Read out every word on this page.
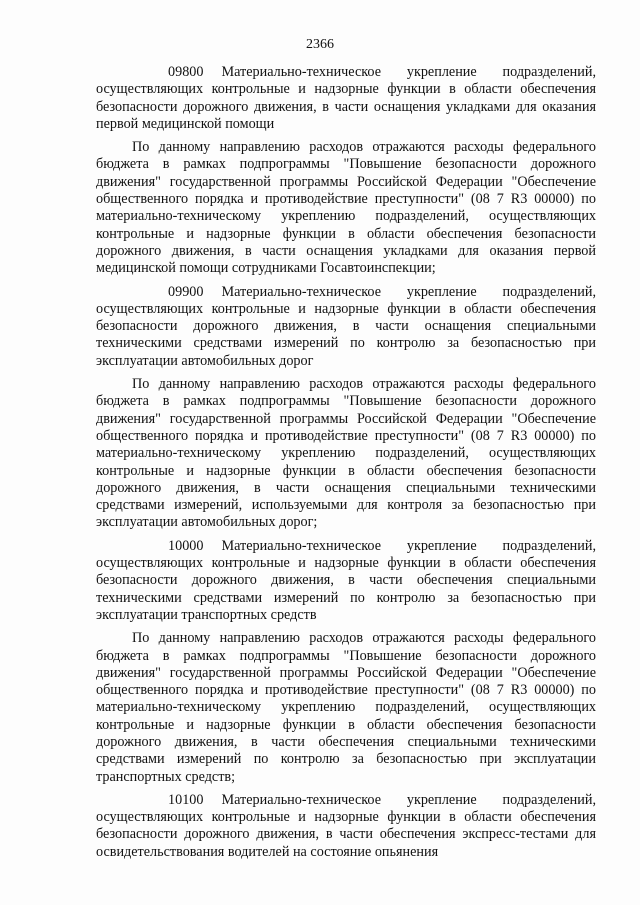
2366

09800 Материально-техническое укрепление подразделений, осуществляющих контрольные и надзорные функции в области обеспечения безопасности дорожного движения, в части оснащения укладками для оказания первой медицинской помощи

По данному направлению расходов отражаются расходы федерального бюджета в рамках подпрограммы "Повышение безопасности дорожного движения" государственной программы Российской Федерации "Обеспечение общественного порядка и противодействие преступности" (08 7 R3 00000) по материально-техническому укреплению подразделений, осуществляющих контрольные и надзорные функции в области обеспечения безопасности дорожного движения, в части оснащения укладками для оказания первой медицинской помощи сотрудниками Госавтоинспекции;

09900 Материально-техническое укрепление подразделений, осуществляющих контрольные и надзорные функции в области обеспечения безопасности дорожного движения, в части оснащения специальными техническими средствами измерений по контролю за безопасностью при эксплуатации автомобильных дорог

По данному направлению расходов отражаются расходы федерального бюджета в рамках подпрограммы "Повышение безопасности дорожного движения" государственной программы Российской Федерации "Обеспечение общественного порядка и противодействие преступности" (08 7 R3 00000) по материально-техническому укреплению подразделений, осуществляющих контрольные и надзорные функции в области обеспечения безопасности дорожного движения, в части оснащения специальными техническими средствами измерений, используемыми для контроля за безопасностью при эксплуатации автомобильных дорог;

10000 Материально-техническое укрепление подразделений, осуществляющих контрольные и надзорные функции в области обеспечения безопасности дорожного движения, в части обеспечения специальными техническими средствами измерений по контролю за безопасностью при эксплуатации транспортных средств

По данному направлению расходов отражаются расходы федерального бюджета в рамках подпрограммы "Повышение безопасности дорожного движения" государственной программы Российской Федерации "Обеспечение общественного порядка и противодействие преступности" (08 7 R3 00000) по материально-техническому укреплению подразделений, осуществляющих контрольные и надзорные функции в области обеспечения безопасности дорожного движения, в части обеспечения специальными техническими средствами измерений по контролю за безопасностью при эксплуатации транспортных средств;

10100 Материально-техническое укрепление подразделений, осуществляющих контрольные и надзорные функции в области обеспечения безопасности дорожного движения, в части обеспечения экспресс-тестами для освидетельствования водителей на состояние опьянения
